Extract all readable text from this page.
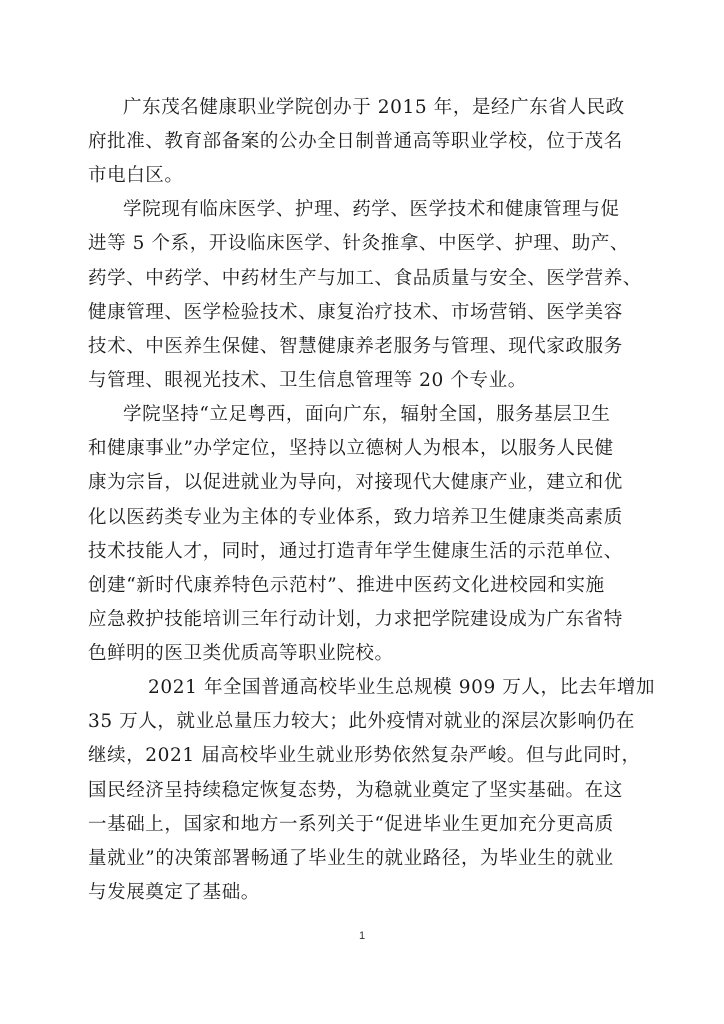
广东茂名健康职业学院创办于 2015 年，是经广东省人民政
府批准、教育部备案的公办全日制普通高等职业学校，位于茂名
市电白区。
学院现有临床医学、护理、药学、医学技术和健康管理与促
进等 5 个系，开设临床医学、针灸推拿、中医学、护理、助产、
药学、中药学、中药材生产与加工、食品质量与安全、医学营养、
健康管理、医学检验技术、康复治疗技术、市场营销、医学美容
技术、中医养生保健、智慧健康养老服务与管理、现代家政服务
与管理、眼视光技术、卫生信息管理等 20 个专业。
学院坚持“立足粤西，面向广东，辐射全国，服务基层卫生
和健康事业”办学定位，坚持以立德树人为根本，以服务人民健
康为宗旨，以促进就业为导向，对接现代大健康产业，建立和优
化以医药类专业为主体的专业体系，致力培养卫生健康类高素质
技术技能人才，同时，通过打造青年学生健康生活的示范单位、
创建“新时代康养特色示范村”、推进中医药文化进校园和实施
应急救护技能培训三年行动计划，力求把学院建设成为广东省特
色鲜明的医卫类优质高等职业院校。
2021 年全国普通高校毕业生总规模 909 万人，比去年增加
35 万人，就业总量压力较大；此外疫情对就业的深层次影响仍在
继续，2021 届高校毕业生就业形势依然复杂严峻。但与此同时，
国民经济呈持续稳定恢复态势，为稳就业奠定了坚实基础。在这
一基础上，国家和地方一系列关于“促进毕业生更加充分更高质
量就业”的决策部署畅通了毕业生的就业路径，为毕业生的就业
与发展奠定了基础。
1
